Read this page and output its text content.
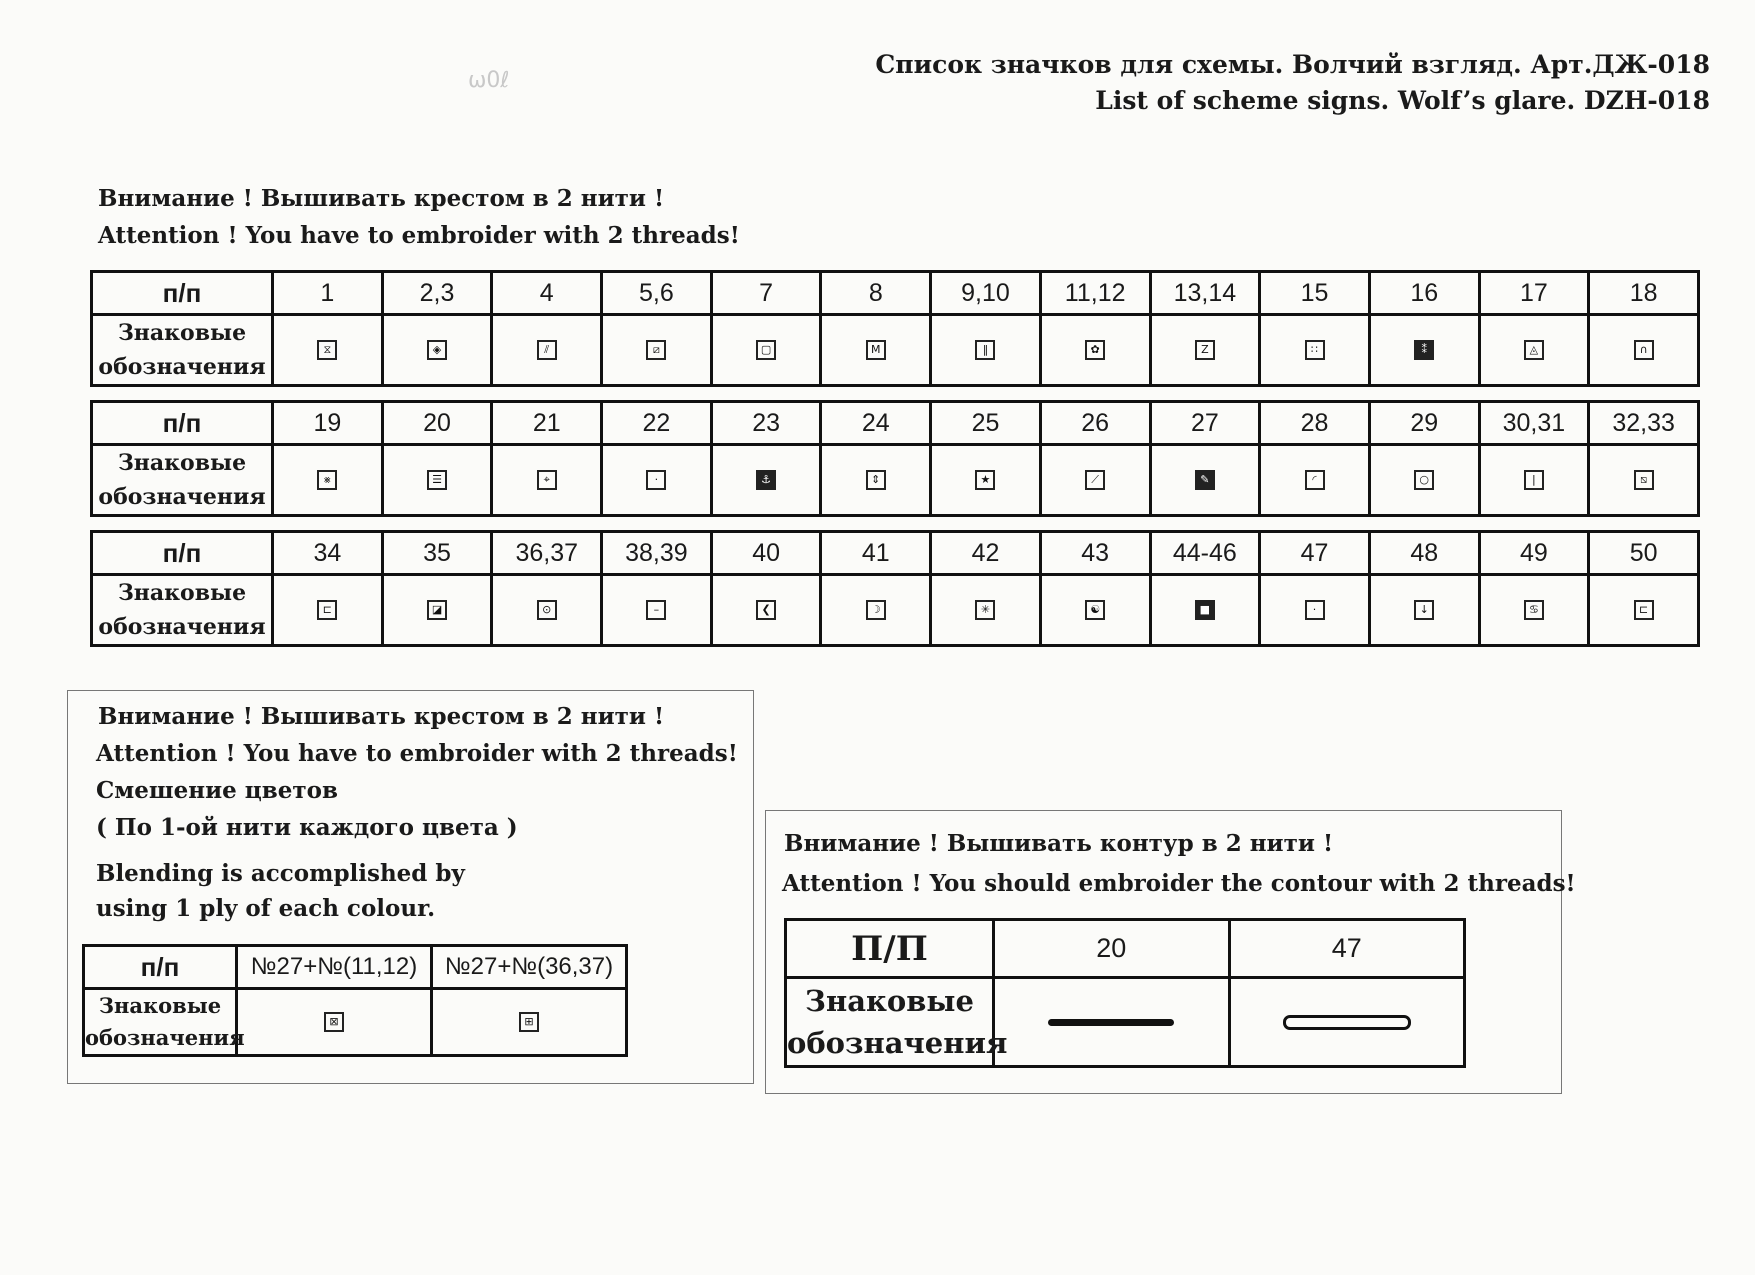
ω0ℓ
Список значков для схемы. Волчий взгляд. Арт.ДЖ-018
List of scheme signs. Wolf’s glare. DZH-018
Внимание ! Вышивать крестом в 2 нити !
Attention ! You have to embroider with 2 threads!
п/п	1	2,3	4	5,6	7	8	9,10	11,12	13,14	15	16	17	18
Знаковые
обозначения	⧖	◈	⫽	⧄	▢	M	‖	✿	Z	∷	⁑	◬	∩
п/п	19	20	21	22	23	24	25	26	27	28	29	30,31	32,33
Знаковые
обозначения	⨳	☰	⌖	·	⚓	⇕	★	⟋	✎	◜	○	|	⧅
п/п	34	35	36,37	38,39	40	41	42	43	44-46	47	48	49	50
Знаковые
обозначения	⊏	◪	⊙	–	❮	☽	✳	☯	■	·	↓	♋	⊏
Внимание ! Вышивать крестом в 2 нити !
Attention ! You have to embroider with 2 threads!
Смешение цветов
( По 1-ой нити каждого цвета )
Blending is accomplished by
using 1 ply of each colour.
п/п	№27+№(11,12)	№27+№(36,37)
Знаковые
обозначения	⊠	⊞
Внимание ! Вышивать контур в 2 нити !
Attention ! You should embroider the contour with 2 threads!
П/П	20	47
Знаковые
обозначения		
